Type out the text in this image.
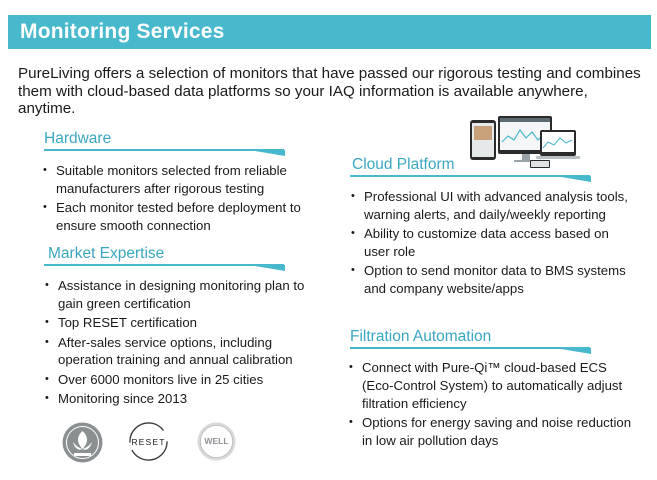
Monitoring Services
PureLiving offers a selection of monitors that have passed our rigorous testing and combines them with cloud-based data platforms so your IAQ information is available anywhere, anytime.
Hardware
• Suitable monitors selected from reliable manufacturers after rigorous testing
• Each monitor tested before deployment to ensure smooth connection
Market Expertise
• Assistance in designing monitoring plan to gain green certification
• Top RESET certification
• After-sales service options, including operation training and annual calibration
• Over 6000 monitors live in 25 cities
• Monitoring since 2013
Cloud Platform
• Professional UI with advanced analysis tools, warning alerts, and daily/weekly reporting
• Ability to customize data access based on user role
• Option to send monitor data to BMS systems and company website/apps
Filtration Automation
• Connect with Pure-Qi™ cloud-based ECS (Eco-Control System) to automatically adjust filtration efficiency
• Options for energy saving and noise reduction in low air pollution days
RESET	WELL
